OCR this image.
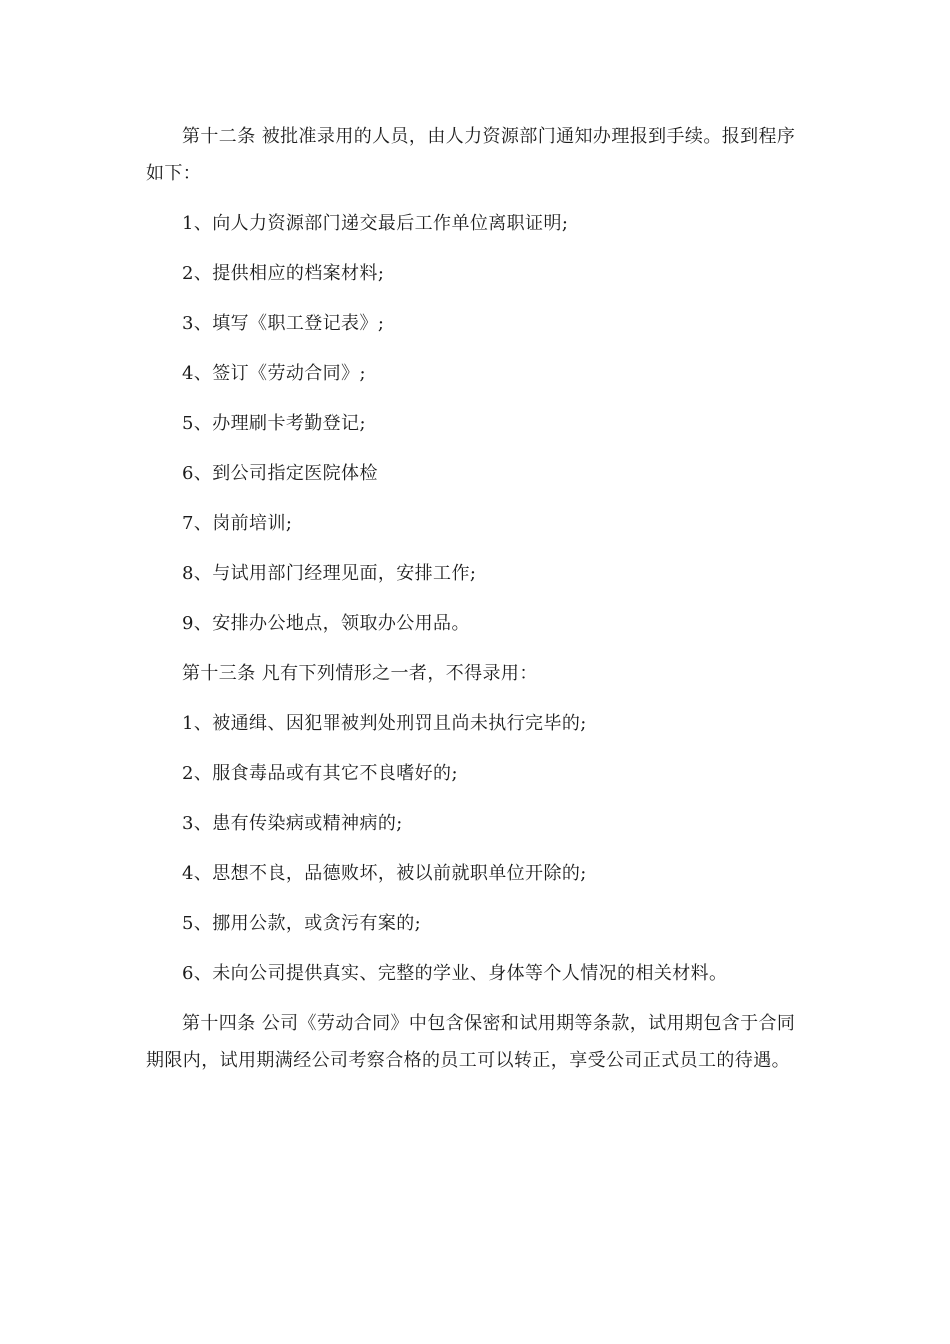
第十二条 被批准录用的人员，由人力资源部门通知办理报到手续。报到程序如下：

1、向人力资源部门递交最后工作单位离职证明;

2、提供相应的档案材料;

3、填写《职工登记表》;

4、签订《劳动合同》;

5、办理刷卡考勤登记;

6、到公司指定医院体检

7、岗前培训;

8、与试用部门经理见面，安排工作;

9、安排办公地点，领取办公用品。

第十三条 凡有下列情形之一者，不得录用：

1、被通缉、因犯罪被判处刑罚且尚未执行完毕的;

2、服食毒品或有其它不良嗜好的;

3、患有传染病或精神病的;

4、思想不良，品德败坏，被以前就职单位开除的;

5、挪用公款，或贪污有案的;

6、未向公司提供真实、完整的学业、身体等个人情况的相关材料。

第十四条 公司《劳动合同》中包含保密和试用期等条款，试用期包含于合同期限内，试用期满经公司考察合格的员工可以转正，享受公司正式员工的待遇。
